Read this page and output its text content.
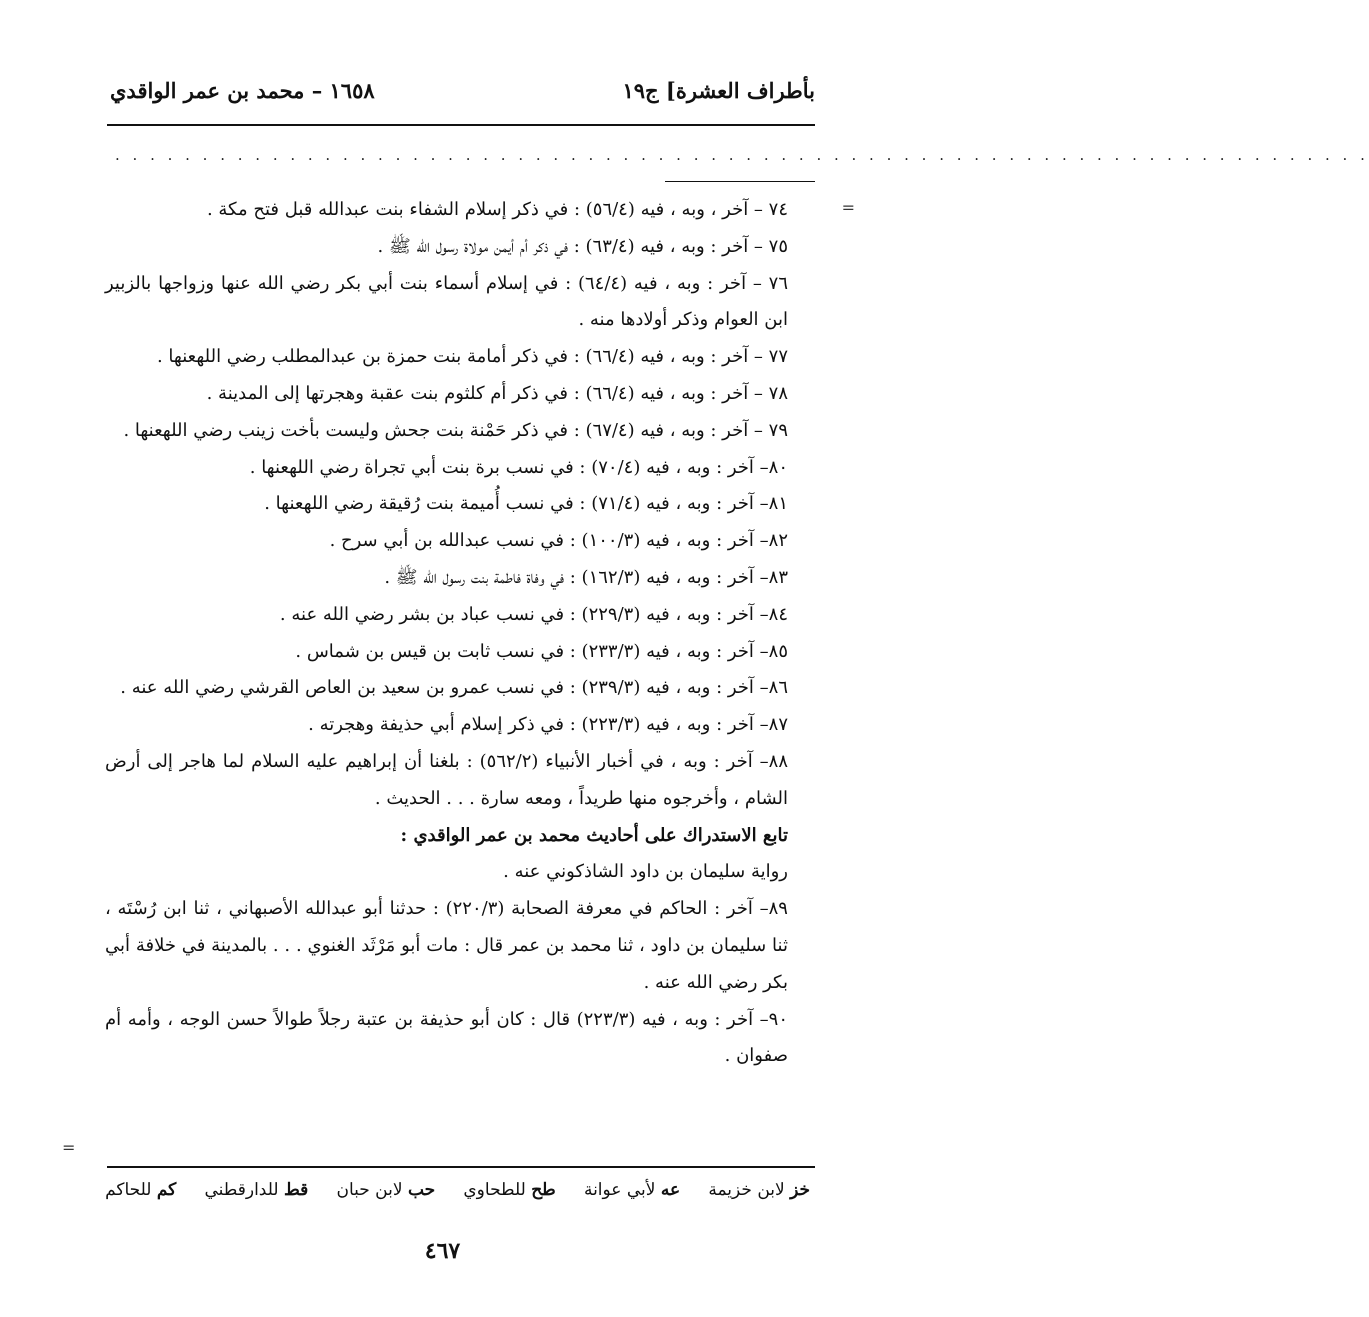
بأطراف العشرة] ج١٩
١٦٥٨ – محمد بن عمر الواقدي
. . . . . . . . . . . . . . . . . . . . . . . . . . . . . . . . . . . . . . . . . . . . . . . . . . . . . . . . . . . . . . . . . . . . . . . .
=
=

٧٤ – آخر ، وبه ، فيه (٥٦/٤) : في ذكر إسلام الشفاء بنت عبدالله قبل فتح مكة .

٧٥ – آخر : وبه ، فيه (٦٣/٤) : في ذكر أم أيمن مولاة رسول الله ﷺ .

٧٦ – آخر : وبه ، فيه (٦٤/٤) : في إسلام أسماء بنت أبي بكر رضي الله عنها وزواجها بالزبير ابن العوام وذكر أولادها منه .

٧٧ – آخر : وبه ، فيه (٦٦/٤) : في ذكر أمامة بنت حمزة بن عبدالمطلب رضي اللهعنها .

٧٨ – آخر : وبه ، فيه (٦٦/٤) : في ذكر أم كلثوم بنت عقبة وهجرتها إلى المدينة .

٧٩ – آخر : وبه ، فيه (٦٧/٤) : في ذكر حَمْنة بنت جحش وليست بأخت زينب رضي اللهعنها .

٨٠– آخر : وبه ، فيه (٧٠/٤) : في نسب برة بنت أبي تجراة رضي اللهعنها .

٨١– آخر : وبه ، فيه (٧١/٤) : في نسب أُميمة بنت رُقيقة رضي اللهعنها .

٨٢– آخر : وبه ، فيه (١٠٠/٣) : في نسب عبدالله بن أبي سرح .

٨٣– آخر : وبه ، فيه (١٦٢/٣) : في وفاة فاطمة بنت رسول الله ﷺ .

٨٤– آخر : وبه ، فيه (٢٢٩/٣) : في نسب عباد بن بشر رضي الله عنه .

٨٥– آخر : وبه ، فيه (٢٣٣/٣) : في نسب ثابت بن قيس بن شماس .

٨٦– آخر : وبه ، فيه (٢٣٩/٣) : في نسب عمرو بن سعيد بن العاص القرشي رضي الله عنه .

٨٧– آخر : وبه ، فيه (٢٢٣/٣) : في ذكر إسلام أبي حذيفة وهجرته .

٨٨– آخر : وبه ، في أخبار الأنبياء (٥٦٢/٢) : بلغنا أن إبراهيم عليه السلام لما هاجر إلى أرض الشام ، وأخرجوه منها طريداً ، ومعه سارة . . . الحديث .

تابع الاستدراك على أحاديث محمد بن عمر الواقدي :

رواية سليمان بن داود الشاذكوني عنه .

٨٩– آخر : الحاكم في معرفة الصحابة (٢٢٠/٣) : حدثنا أبو عبدالله الأصبهاني ، ثنا ابن رُسْتَه ، ثنا سليمان بن داود ، ثنا محمد بن عمر قال : مات أبو مَرْثَد الغنوي . . . بالمدينة في خلافة أبي بكر رضي الله عنه .

٩٠– آخر : وبه ، فيه (٢٢٣/٣) قال : كان أبو حذيفة بن عتبة رجلاً طوالاً حسن الوجه ، وأمه أم صفوان .

خز لابن خزيمة
عه لأبي عوانة
طح للطحاوي
حب لابن حبان
قط للدارقطني
كم للحاكم
٤٦٧
